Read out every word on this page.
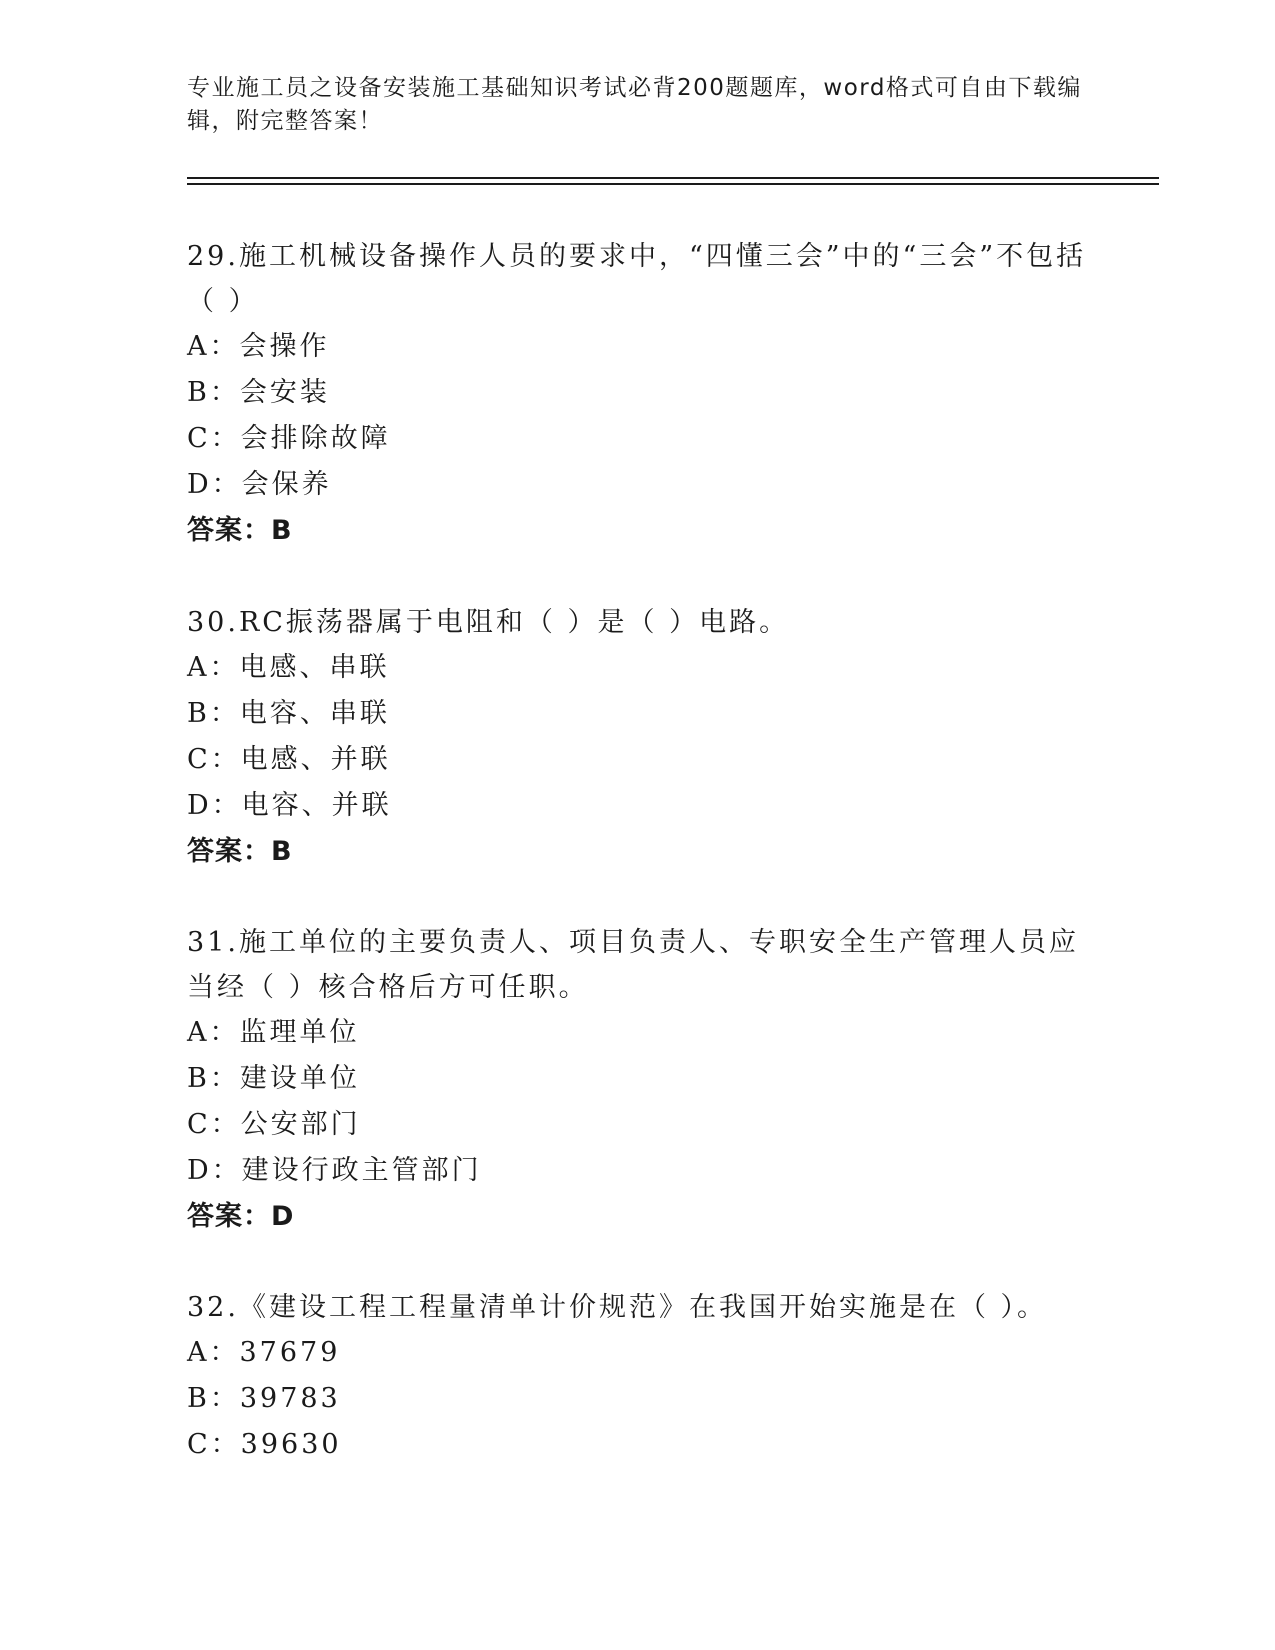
专业施工员之设备安装施工基础知识考试必背200题题库，word格式可自由下载编辑，附完整答案！
29.施工机械设备操作人员的要求中，“四懂三会”中的“三会”不包括（ ）
A：会操作
B：会安装
C：会排除故障
D：会保养
答案：B
30.RC振荡器属于电阻和（ ）是（ ）电路。
A：电感、串联
B：电容、串联
C：电感、并联
D：电容、并联
答案：B
31.施工单位的主要负责人、项目负责人、专职安全生产管理人员应当经（ ）核合格后方可任职。
A：监理单位
B：建设单位
C：公安部门
D：建设行政主管部门
答案：D
32.《建设工程工程量清单计价规范》在我国开始实施是在（ ）。
A：37679
B：39783
C：39630
